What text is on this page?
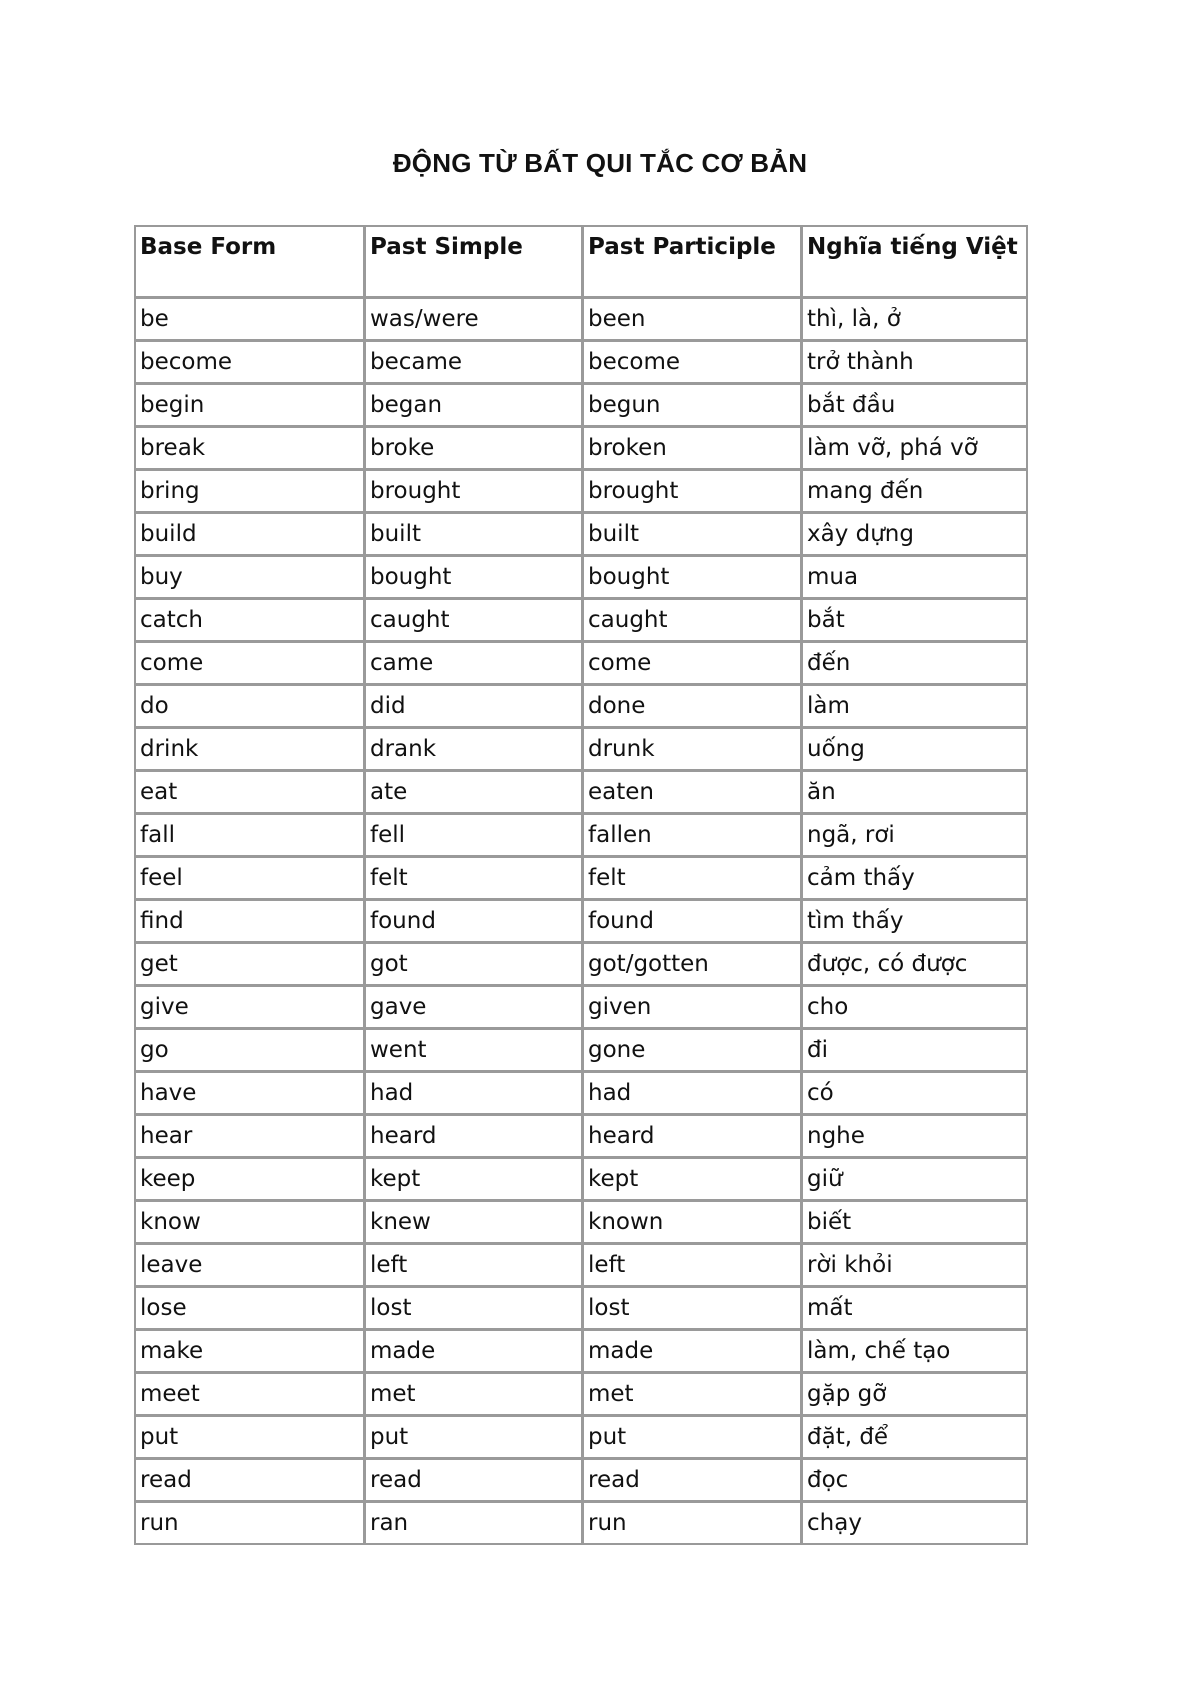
ĐỘNG TỪ BẤT QUI TẮC CƠ BẢN
Base Form	Past Simple	Past Participle	Nghĩa tiếng Việt
be	was/were	been	thì, là, ở
become	became	become	trở thành
begin	began	begun	bắt đầu
break	broke	broken	làm vỡ, phá vỡ
bring	brought	brought	mang đến
build	built	built	xây dựng
buy	bought	bought	mua
catch	caught	caught	bắt
come	came	come	đến
do	did	done	làm
drink	drank	drunk	uống
eat	ate	eaten	ăn
fall	fell	fallen	ngã, rơi
feel	felt	felt	cảm thấy
find	found	found	tìm thấy
get	got	got/gotten	được, có được
give	gave	given	cho
go	went	gone	đi
have	had	had	có
hear	heard	heard	nghe
keep	kept	kept	giữ
know	knew	known	biết
leave	left	left	rời khỏi
lose	lost	lost	mất
make	made	made	làm, chế tạo
meet	met	met	gặp gỡ
put	put	put	đặt, để
read	read	read	đọc
run	ran	run	chạy
